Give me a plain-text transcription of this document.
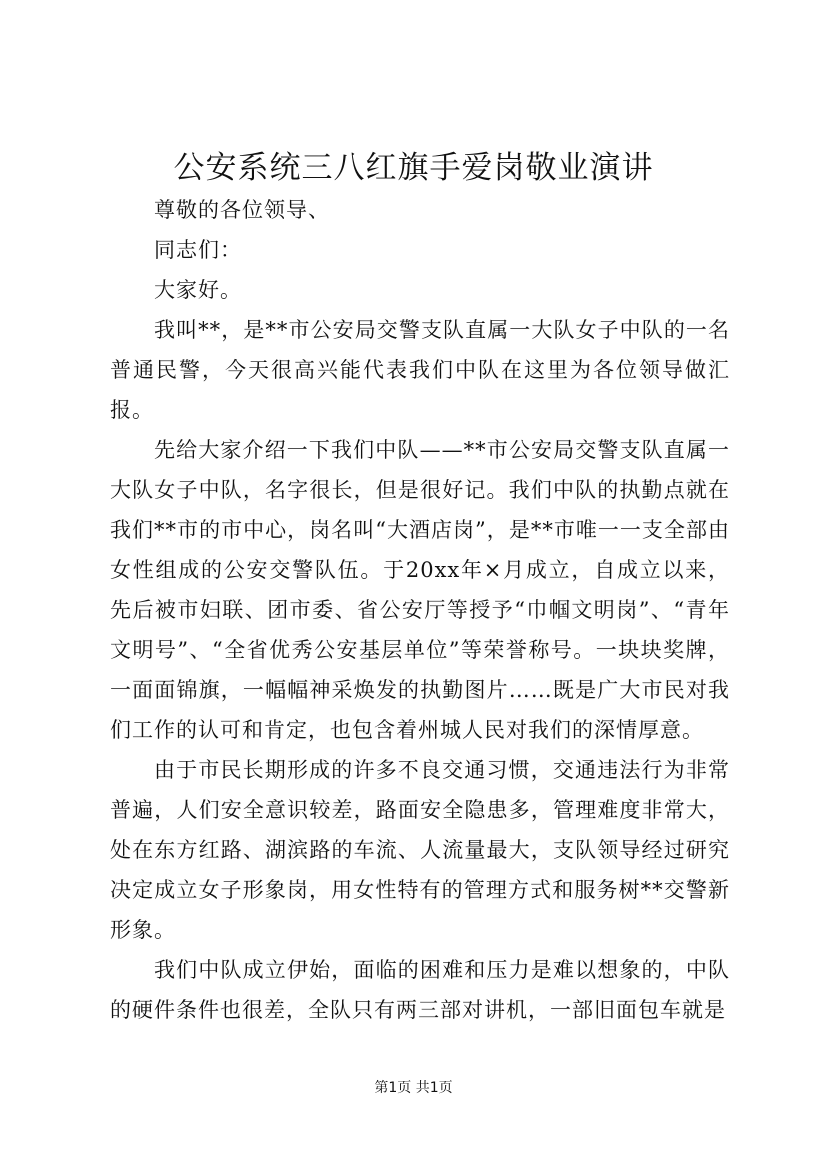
公安系统三八红旗手爱岗敬业演讲

尊敬的各位领导、

同志们：

大家好。

我叫**，是**市公安局交警支队直属一大队女子中队的一名普通民警，今天很高兴能代表我们中队在这里为各位领导做汇报。

先给大家介绍一下我们中队——**市公安局交警支队直属一大队女子中队，名字很长，但是很好记。我们中队的执勤点就在我们**市的市中心，岗名叫“大酒店岗”，是**市唯一一支全部由女性组成的公安交警队伍。于20xx年×月成立，自成立以来，先后被市妇联、团市委、省公安厅等授予“巾帼文明岗”、“青年文明号”、“全省优秀公安基层单位”等荣誉称号。一块块奖牌，一面面锦旗，一幅幅神采焕发的执勤图片……既是广大市民对我们工作的认可和肯定，也包含着州城人民对我们的深情厚意。

由于市民长期形成的许多不良交通习惯，交通违法行为非常普遍，人们安全意识较差，路面安全隐患多，管理难度非常大，处在东方红路、湖滨路的车流、人流量最大，支队领导经过研究决定成立女子形象岗，用女性特有的管理方式和服务树**交警新形象。

我们中队成立伊始，面临的困难和压力是难以想象的，中队的硬件条件也很差，全队只有两三部对讲机，一部旧面包车就是

第1页 共1页
